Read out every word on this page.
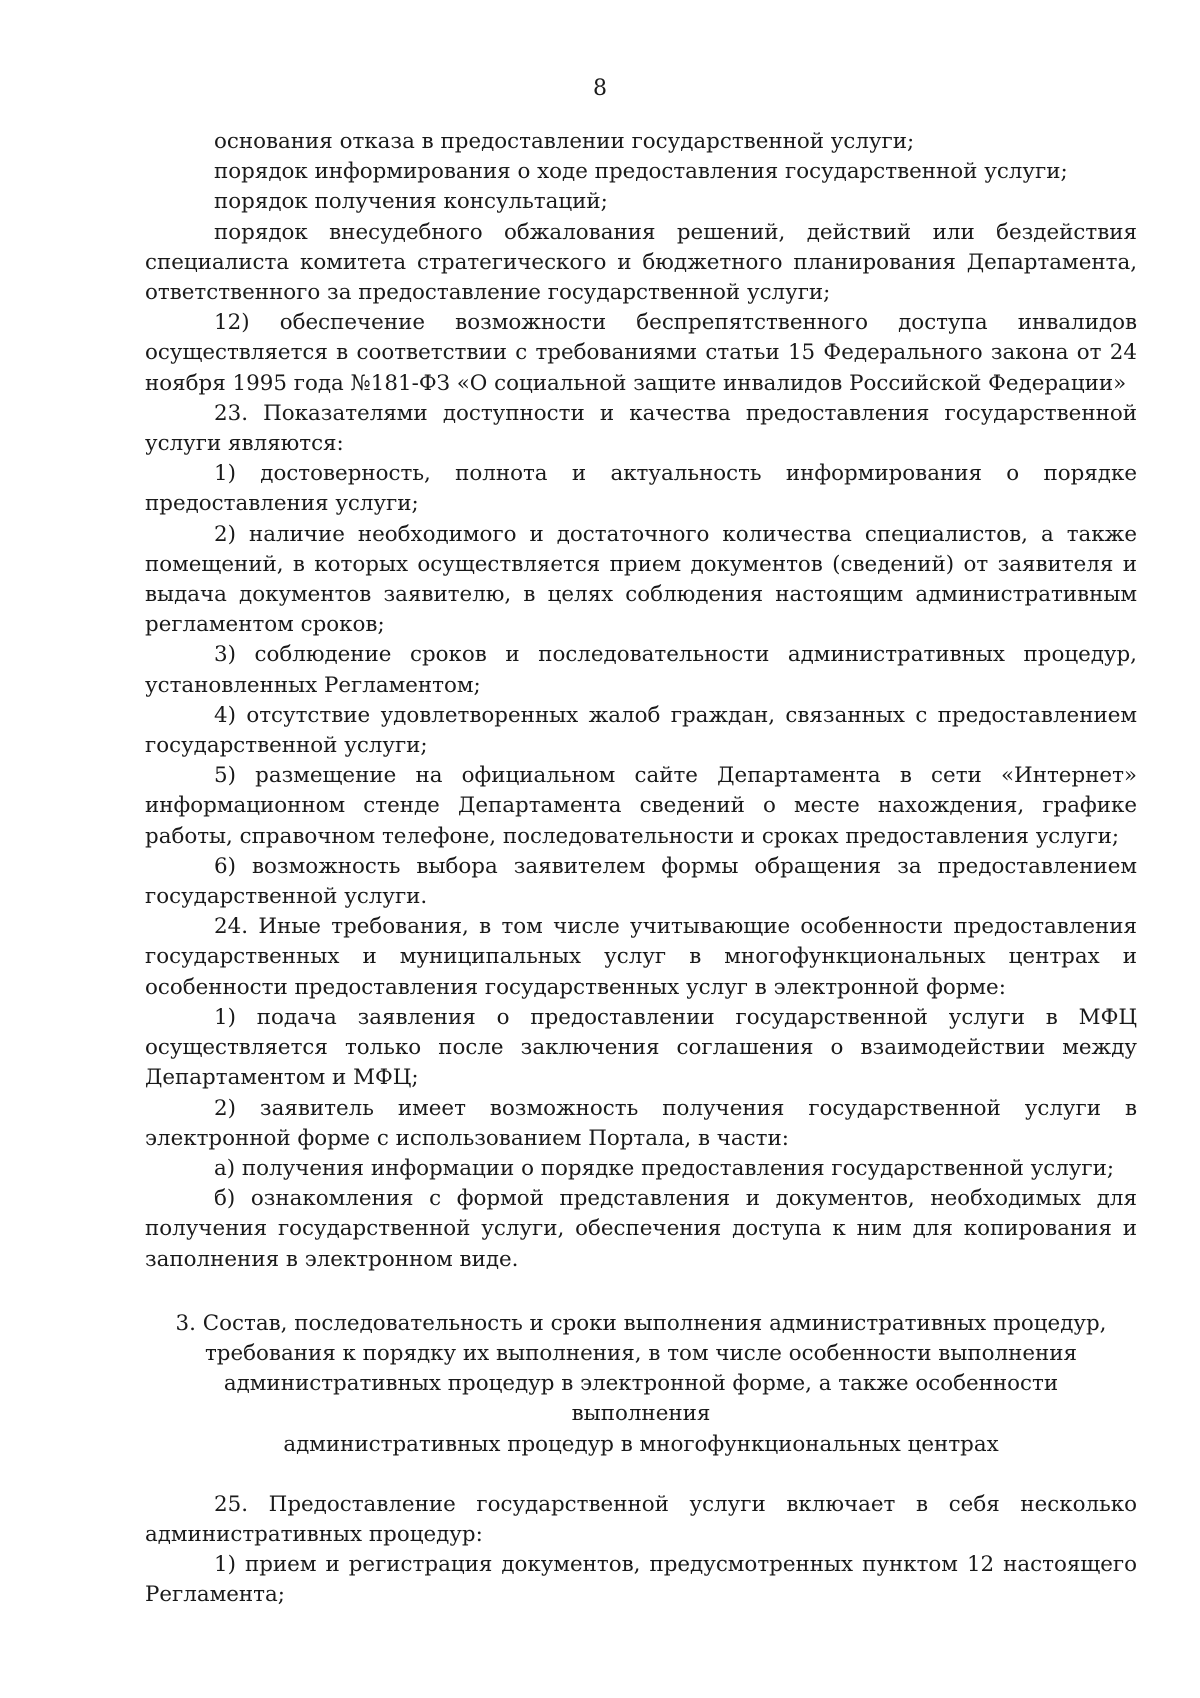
8

основания отказа в предоставлении государственной услуги;

порядок информирования о ходе предоставления государственной услуги;

порядок получения консультаций;

порядок внесудебного обжалования решений, действий или бездействия специалиста комитета стратегического и бюджетного планирования Департамента, ответственного за предоставление государственной услуги;

12) обеспечение возможности беспрепятственного доступа инвалидов осуществляется в соответствии с требованиями статьи 15 Федерального закона от 24 ноября 1995 года №181-ФЗ «О социальной защите инвалидов Российской Федерации»

23. Показателями доступности и качества предоставления государственной услуги являются:

1) достоверность, полнота и актуальность информирования о порядке предоставления услуги;

2) наличие необходимого и достаточного количества специалистов, а также помещений, в которых осуществляется прием документов (сведений) от заявителя и выдача документов заявителю, в целях соблюдения настоящим административным регламентом сроков;

3) соблюдение сроков и последовательности административных процедур, установленных Регламентом;

4) отсутствие удовлетворенных жалоб граждан, связанных с предоставлением государственной услуги;

5) размещение на официальном сайте Департамента в сети «Интернет» информационном стенде Департамента сведений о месте нахождения, графике работы, справочном телефоне, последовательности и сроках предоставления услуги;

6) возможность выбора заявителем формы обращения за предоставлением государственной услуги.

24. Иные требования, в том числе учитывающие особенности предоставления государственных и муниципальных услуг в многофункциональных центрах и особенности предоставления государственных услуг в электронной форме:

1) подача заявления о предоставлении государственной услуги в МФЦ осуществляется только после заключения соглашения о взаимодействии между Департаментом и МФЦ;

2) заявитель имеет возможность получения государственной услуги в электронной форме с использованием Портала, в части:

а) получения информации о порядке предоставления государственной услуги;

б) ознакомления с формой представления и документов, необходимых для получения государственной услуги, обеспечения доступа к ним для копирования и заполнения в электронном виде.

3. Состав, последовательность и сроки выполнения административных процедур,
требования к порядку их выполнения, в том числе особенности выполнения
административных процедур в электронной форме, а также особенности выполнения
административных процедур в многофункциональных центрах

25. Предоставление государственной услуги включает в себя несколько административных процедур:

1) прием и регистрация документов, предусмотренных пунктом 12 настоящего Регламента;
